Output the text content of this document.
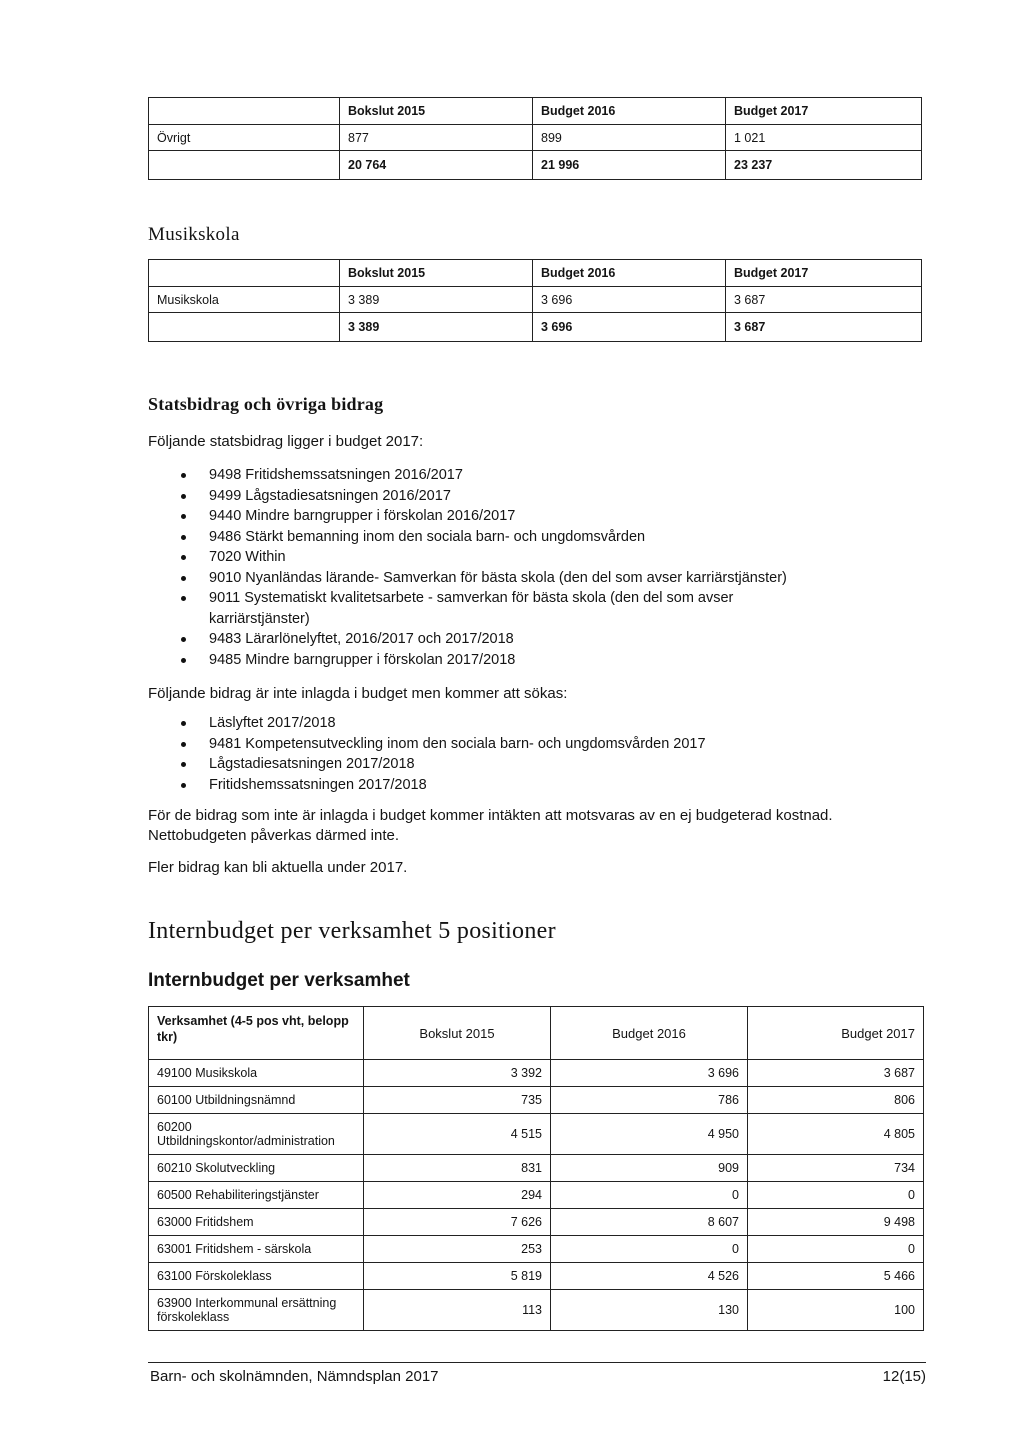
	Bokslut 2015	Budget 2016	Budget 2017
Övrigt	877	899	1 021
	20 764	21 996	23 237
Musikskola
	Bokslut 2015	Budget 2016	Budget 2017
Musikskola	3 389	3 696	3 687
	3 389	3 696	3 687
Statsbidrag och övriga bidrag
Följande statsbidrag ligger i budget 2017:
9498 Fritidshemssatsningen 2016/2017
9499 Lågstadiesatsningen 2016/2017
9440 Mindre barngrupper i förskolan 2016/2017
9486 Stärkt bemanning inom den sociala barn- och ungdomsvården
7020 Within
9010 Nyanländas lärande- Samverkan för bästa skola (den del som avser karriärstjänster)
9011 Systematiskt kvalitetsarbete - samverkan för bästa skola (den del som avser karriärstjänster)
9483 Lärarlönelyftet, 2016/2017 och 2017/2018
9485 Mindre barngrupper i förskolan 2017/2018
Följande bidrag är inte inlagda i budget men kommer att sökas:
Läslyftet 2017/2018
9481 Kompetensutveckling inom den sociala barn- och ungdomsvården 2017
Lågstadiesatsningen 2017/2018
Fritidshemssatsningen 2017/2018
För de bidrag som inte är inlagda i budget kommer intäkten att motsvaras av en ej budgeterad kostnad. Nettobudgeten påverkas därmed inte.
Fler bidrag kan bli aktuella under 2017.
Internbudget per verksamhet 5 positioner
Internbudget per verksamhet
Verksamhet (4-5 pos vht, belopp tkr)	Bokslut 2015	Budget 2016	Budget 2017
49100 Musikskola	3 392	3 696	3 687
60100 Utbildningsnämnd	735	786	806
60200 Utbildningskontor/administration	4 515	4 950	4 805
60210 Skolutveckling	831	909	734
60500 Rehabiliteringstjänster	294	0	0
63000 Fritidshem	7 626	8 607	9 498
63001 Fritidshem - särskola	253	0	0
63100 Förskoleklass	5 819	4 526	5 466
63900 Interkommunal ersättning förskoleklass	113	130	100
Barn- och skolnämnden, Nämndsplan 2017	12(15)
